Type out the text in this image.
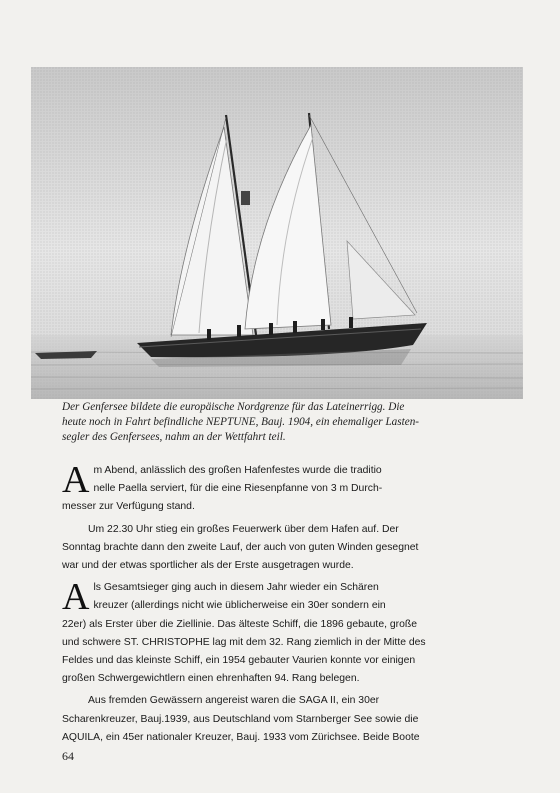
Der Genfersee bildete die europäische Nordgrenze für das Lateinerrigg. Die
heute noch in Fahrt befindliche NEPTUNE, Bauj. 1904, ein ehemaliger Lasten-
segler des Genfersees, nahm an der Wettfahrt teil.

A m Abend, anlässlich des großen Hafenfestes wurde die traditio
nelle Paella serviert, für die eine Riesenpfanne von 3 m Durch-
messer zur Verfügung stand.

Um 22.30 Uhr stieg ein großes Feuerwerk über dem Hafen auf. Der
Sonntag brachte dann den zweite Lauf, der auch von guten Winden gesegnet
war und der etwas sportlicher als der Erste ausgetragen wurde.

A ls Gesamtsieger ging auch in diesem Jahr wieder ein Schären
kreuzer (allerdings nicht wie üblicherweise ein 30er sondern ein
22er) als Erster über die Ziellinie. Das älteste Schiff, die 1896 gebaute, große
und schwere ST. CHRISTOPHE lag mit dem 32. Rang ziemlich in der Mitte des
Feldes und das kleinste Schiff, ein 1954 gebauter Vaurien konnte vor einigen
großen Schwergewichtlern einen ehrenhaften 94. Rang belegen.

Aus fremden Gewässern angereist waren die SAGA II, ein 30er
Scharenkreuzer, Bauj.1939, aus Deutschland vom Starnberger See sowie die
AQUILA, ein 45er nationaler Kreuzer, Bauj. 1933 vom Zürichsee. Beide Boote

64
